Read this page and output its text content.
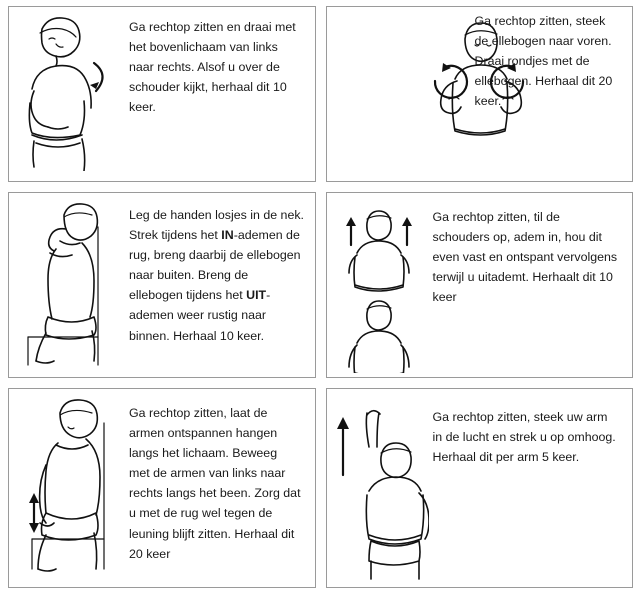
Ga rechtop zitten en draai met het bovenlichaam van links naar rechts. Alsof u over de schouder kijkt, herhaal dit 10 keer.
Ga rechtop zitten, steek de ellebogen naar voren. Draai rondjes met de ellebogen. Herhaal dit 20 keer.
Leg de handen losjes in de nek. Strek tijdens het IN-ademen de rug, breng daarbij de ellebogen naar buiten. Breng de ellebogen tijdens het UIT-ademen weer rustig naar binnen. Herhaal 10 keer.
Ga rechtop zitten, til de schouders op, adem in, hou dit even vast en ontspant vervolgens terwijl u uitademt. Herhaalt dit 10 keer
Ga rechtop zitten, laat de armen ontspannen hangen langs het lichaam. Beweeg met de armen van links naar rechts langs het been. Zorg dat u met de rug wel tegen de leuning blijft zitten. Herhaal dit 20 keer
Ga rechtop zitten, steek uw arm in de lucht en strek u op omhoog. Herhaal dit per arm 5 keer.
